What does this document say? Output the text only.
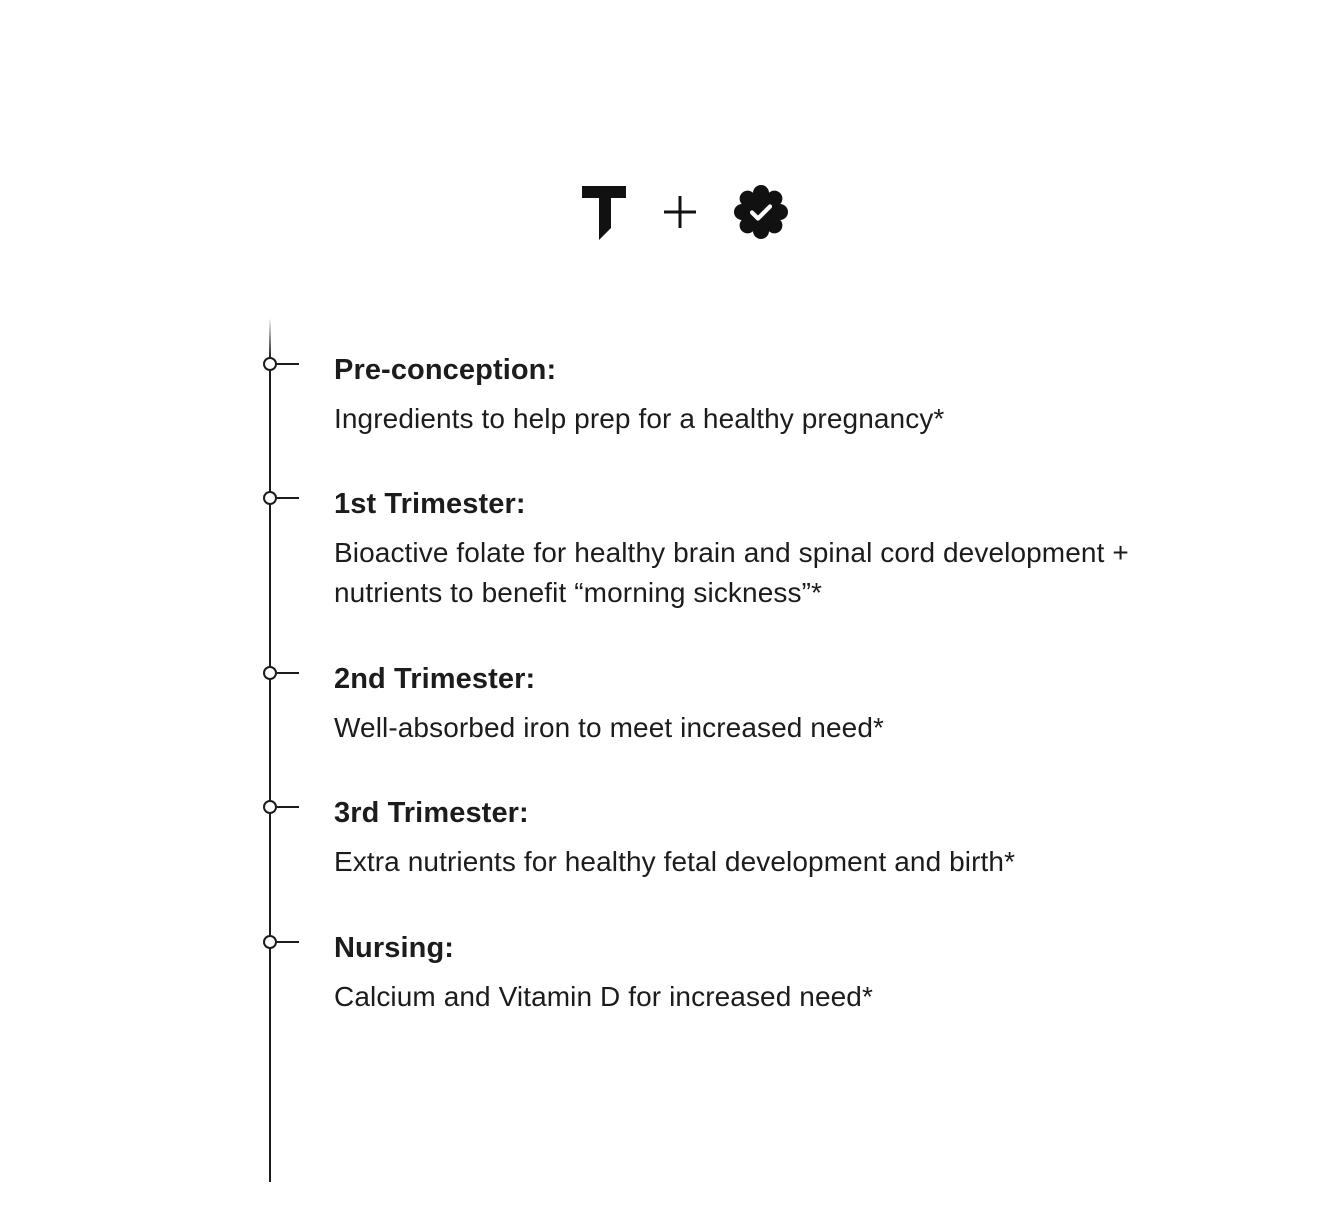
Pre-conception:
Ingredients to help prep for a healthy pregnancy*
1st Trimester:
Bioactive folate for healthy brain and spinal cord development + nutrients to benefit “morning sickness”*
2nd Trimester:
Well-absorbed iron to meet increased need*
3rd Trimester:
Extra nutrients for healthy fetal development and birth*
Nursing:
Calcium and Vitamin D for increased need*
